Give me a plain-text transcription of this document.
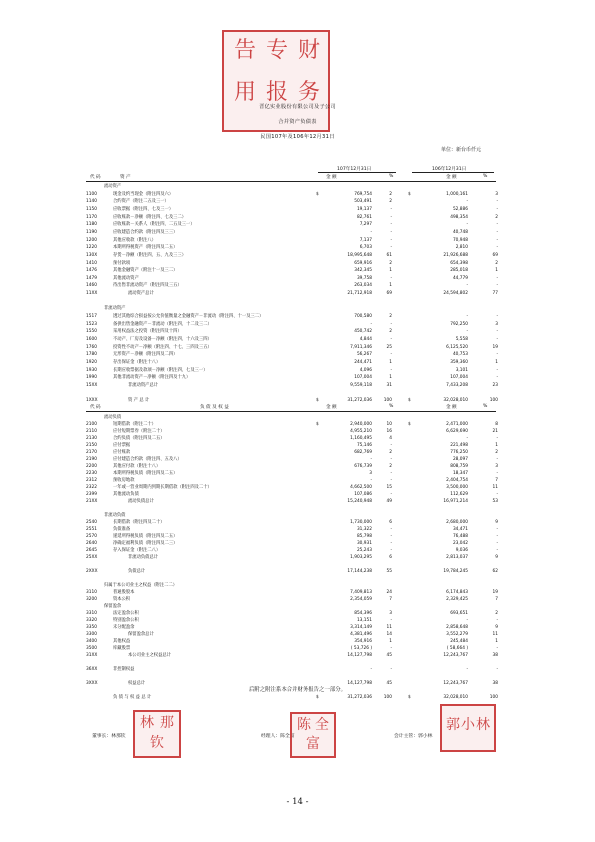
告 专 财
用 报 务
晋亿实业股份有限公司及子公司
合并资产负债表
民国107年及106年12月31日
单位：新台币仟元
107年12月31日	106年12月31日
代 码	资 产	金 额	%	金 额	%
流动资产
1100	现金及约当现金（附注四及六）	$	769,754	2	$	1,000,161	3
1140	合约资产（附注二五及三一）	503,491	2	-	-
1150	应收票据（附注四、七及三一）	19,137	-	52,886	-
1170	应收账款－净额（附注四、七及三二）	82,761	-	498,354	2
1180	应收账款－关系人（附注四、二五及三一）	7,297	-	-	-
1190	应收建造合约款（附注四及三三）	-	-	40,748	-
1200	其他应收款（附注八）	7,137	-	70,948	-
1220	本期所得税资产（附注四及二五）	6,703	-	2,810	-
130X	存货－净额（附注四、五、九及三三）	18,995,648	61	21,926,688	69
1410	预付款项	659,916	2	654,398	2
1476	其他金融资产（附注十一及三二）	342,345	1	285,018	1
1479	其他流动资产	39,758	-	44,779	-
1460	待出售非流动资产（附注四及三五）	263,034	1	-	-
11XX	流动资产总计	21,712,918	69	24,594,802	77
非流动资产
1517	透过其他综合损益按公允价值衡量之金融资产－非流动（附注四、十一及三二）	700,580	2	-	-
1523	备供出售金融资产－非流动（附注四、十二及三二）	-	-	792,250	3
1550	采用权益法之投资（附注四及十四）	450,742	2	-	-
1600	不动产、厂房及设备－净额（附注四、十六及三四）	4,844	-	5,558	-
1760	投资性不动产－净额（附注四、十七、三四及三五）	7,911,346	25	6,125,520	19
1780	无形资产－净额（附注四及二四）	56,267	-	40,753	-
1920	存出保证金（附注十八）	244,471	1	359,360	1
1930	长期应收票据及款项－净额（附注四、七及三一）	4,096	-	3,101	-
1990	其他非流动资产－净额（附注四及十九）	107,004	1	107,004	-
15XX	非流动资产总计	9,559,118	31	7,433,208	23
1XXX	资 产 总 计	$	31,272,036	100	$	32,028,010	100
代 码	负 债 及 权 益	金 额	%	金 额	%
流动负债
2100	短期借款（附注二十）	$	2,940,000	10	$	2,471,000	8
2110	应付短期票券（附注二十）	4,955,210	16	6,629,690	21
2130	合约负债（附注四及二五）	1,160,495	4	-	-
2150	应付票据	75,146	-	221,498	1
2170	应付账款	682,769	2	776,250	2
2190	应付建造合约款（附注四、五及八）	-	-	28,097	-
2200	其他应付款（附注十八）	676,739	2	808,759	3
2230	本期所得税负债（附注四及二五）	3	-	18,347	-
2312	预收房地款	-	-	2,404,754	7
2322	一年或一营业周期内到期长期借款（附注四及二十）	4,662,500	15	3,500,000	11
2399	其他流动负债	107,086	-	112,629	-
21XX	流动负债总计	15,240,948	49	16,971,214	53
非流动负债
2540	长期借款（附注四及二十）	1,730,000	6	2,680,000	9
2551	负债准备	31,322	-	34,471	-
2570	递延所得税负债（附注四及二五）	85,798	-	76,488	-
2640	净确定福利负债（附注四及二三）	30,931	-	23,042	-
2645	存入保证金（附注二八）	25,243	-	9,036	-
25XX	非流动负债总计	1,903,295	6	2,813,037	9
2XXX	负债总计	17,144,238	55	19,784,245	62
归属于本公司业主之权益（附注二二）
3110	普通股股本	7,409,813	24	6,174,843	19
3200	资本公积	2,354,059	7	2,329,425	7
保留盈余
3310	法定盈余公积	854,396	3	693,651	2
3320	特别盈余公积	13,151	-	-	-
3350	未分配盈余	3,314,149	11	2,858,648	9
3300	保留盈余总计	4,381,496	14	3,552,279	11
3400	其他权益	354,916	1	245,484	1
3500	库藏股票	( 53,726 )	-	( 58,664 )	-
31XX	本公司业主之权益总计	14,127,798	45	12,243,767	38
36XX	非控制权益	-	-	-	-
3XXX	权益总计	14,127,798	45	12,243,767	38
负 债 与 权 益 总 计	$	31,272,036	100	$	32,028,010	100
后附之附注系本合并财务报告之一部分。
董事长：林那钦
林 那
钦	经理人：陈全富
陈 全
富	会计主管：郭小林
郭 小 林
- 14 -
